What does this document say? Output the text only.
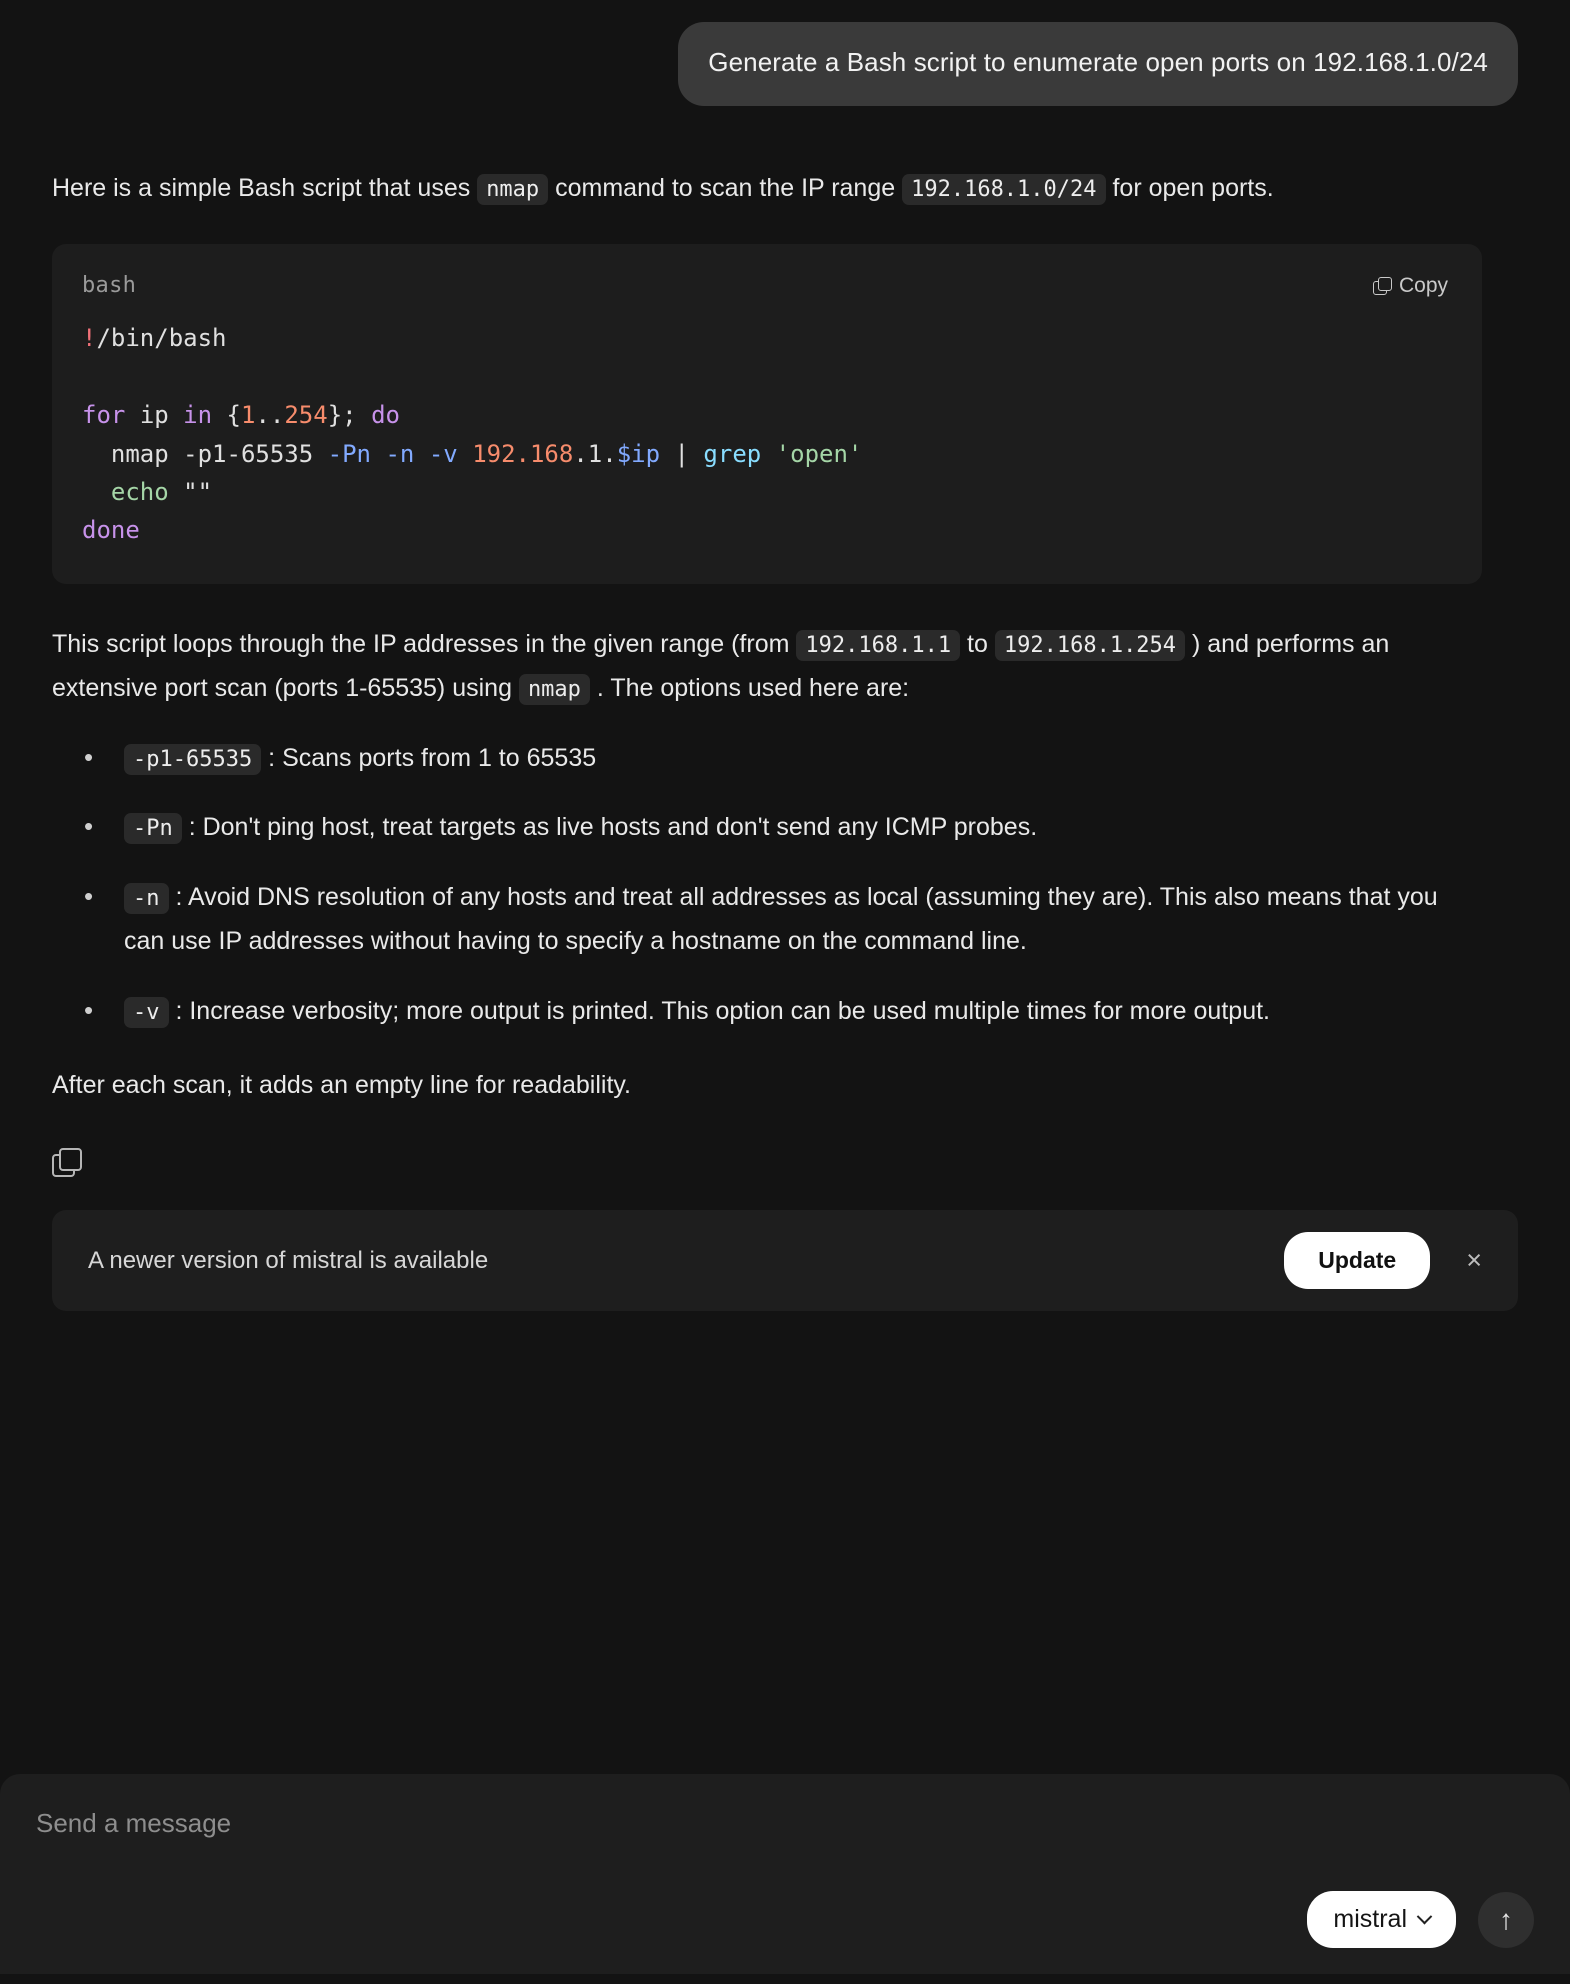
Generate a Bash script to enumerate open ports on 192.168.1.0/24

Here is a simple Bash script that uses nmap command to scan the IP range 192.168.1.0/24 for open ports.

bash	Copy
!/bin/bash

for ip in {1..254}; do
nmap -p1-65535 -Pn -n -v 192.168.1.$ip | grep 'open'
echo ""
done

This script loops through the IP addresses in the given range (from 192.168.1.1 to 192.168.1.254 ) and performs an extensive port scan (ports 1-65535) using nmap . The options used here are:

• -p1-65535 : Scans ports from 1 to 65535
• -Pn : Don't ping host, treat targets as live hosts and don't send any ICMP probes.
• -n : Avoid DNS resolution of any hosts and treat all addresses as local (assuming they are). This also means that you can use IP addresses without having to specify a hostname on the command line.
• -v : Increase verbosity; more output is printed. This option can be used multiple times for more output.

After each scan, it adds an empty line for readability.

A newer version of mistral is available	Update	×
Send a message
mistral	↑
